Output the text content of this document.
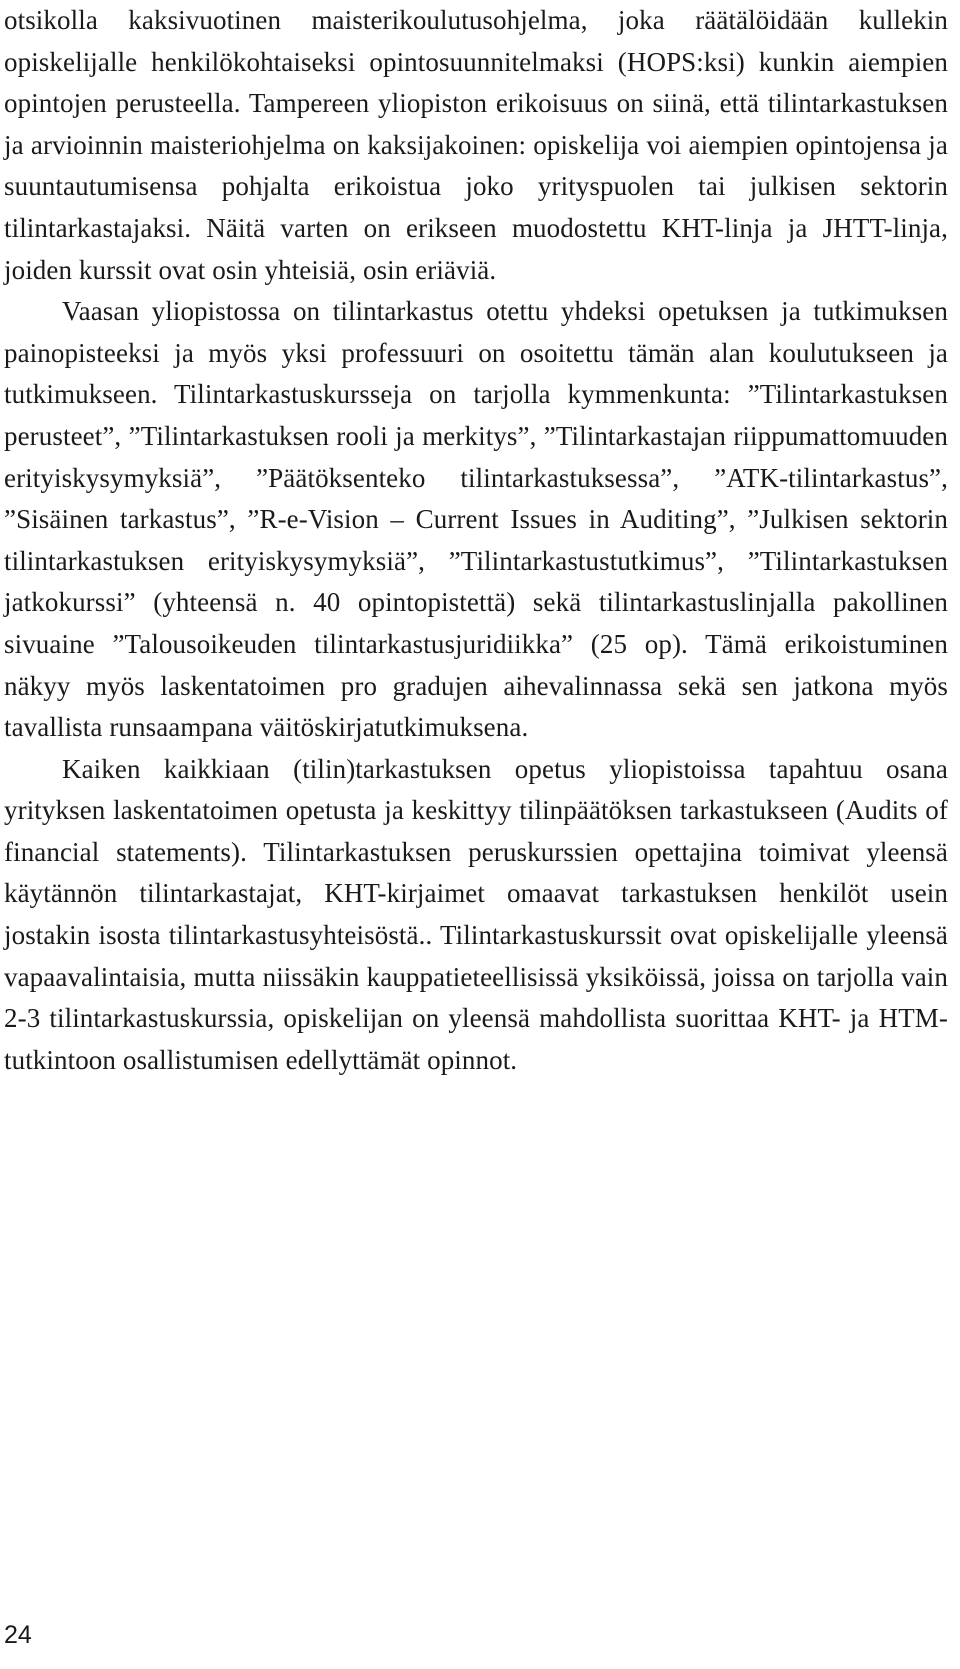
otsikolla kaksivuotinen maisterikoulutusohjelma, joka räätälöidään kullekin opiskelijalle henkilökohtaiseksi opintosuunnitelmaksi (HOPS:ksi) kunkin aiempien opintojen perusteella. Tampereen yliopiston erikoisuus on siinä, että tilintarkastuksen ja arvioinnin maisteriohjelma on kaksijakoinen: opiskelija voi aiempien opintojensa ja suuntautumisensa pohjalta erikoistua joko yrityspuolen tai julkisen sektorin tilintarkastajaksi. Näitä varten on erikseen muodostettu KHT-linja ja JHTT-linja, joiden kurssit ovat osin yhteisiä, osin eriäviä.

Vaasan yliopistossa on tilintarkastus otettu yhdeksi opetuksen ja tutkimuksen painopisteeksi ja myös yksi professuuri on osoitettu tämän alan koulutukseen ja tutkimukseen. Tilintarkastuskursseja on tarjolla kymmenkunta: ”Tilintarkastuksen perusteet”, ”Tilintarkastuksen rooli ja merkitys”, ”Tilintarkastajan riippumattomuuden erityiskysymyksiä”, ”Päätöksenteko tilintarkastuksessa”, ”ATK-tilintarkastus”, ”Sisäinen tarkastus”, ”R-e-Vision – Current Issues in Auditing”, ”Julkisen sektorin tilintarkastuksen erityiskysymyksiä”, ”Tilintarkastustutkimus”, ”Tilintarkastuksen jatkokurssi” (yhteensä n. 40 opintopistettä) sekä tilintarkastuslinjalla pakollinen sivuaine ”Talousoikeuden tilintarkastusjuridiikka” (25 op). Tämä erikoistuminen näkyy myös laskentatoimen pro gradujen aihevalinnassa sekä sen jatkona myös tavallista runsaampana väitöskirjatutkimuksena.

Kaiken kaikkiaan (tilin)tarkastuksen opetus yliopistoissa tapahtuu osana yrityksen laskentatoimen opetusta ja keskittyy tilinpäätöksen tarkastukseen (Audits of financial statements). Tilintarkastuksen peruskurssien opettajina toimivat yleensä käytännön tilintarkastajat, KHT-kirjaimet omaavat tarkastuksen henkilöt usein jostakin isosta tilintarkastusyhteisöstä.. Tilintarkastuskurssit ovat opiskelijalle yleensä vapaavalintaisia, mutta niissäkin kauppatieteellisissä yksiköissä, joissa on tarjolla vain 2-3 tilintarkastuskurssia, opiskelijan on yleensä mahdollista suorittaa KHT- ja HTM-tutkintoon osallistumisen edellyttämät opinnot.

24
